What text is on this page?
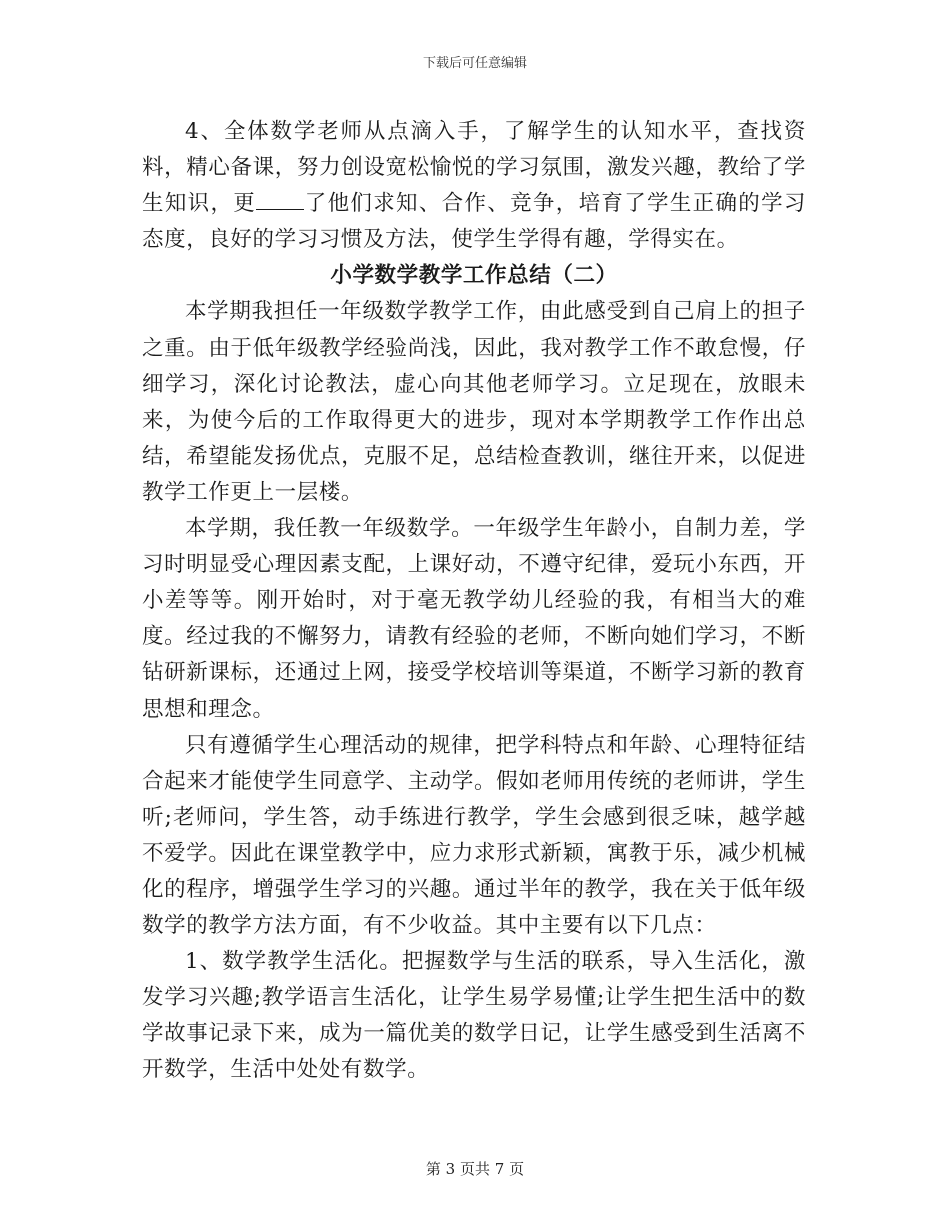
下载后可任意编辑

4、全体数学老师从点滴入手，了解学生的认知水平，查找资料，精心备课，努力创设宽松愉悦的学习氛围，激发兴趣，教给了学生知识，更 了他们求知、合作、竞争，培育了学生正确的学习态度，良好的学习习惯及方法，使学生学得有趣，学得实在。

小学数学教学工作总结（二）

本学期我担任一年级数学教学工作，由此感受到自己肩上的担子之重。由于低年级教学经验尚浅，因此，我对教学工作不敢怠慢，仔细学习，深化讨论教法，虚心向其他老师学习。立足现在，放眼未来，为使今后的工作取得更大的进步，现对本学期教学工作作出总结，希望能发扬优点，克服不足，总结检查教训，继往开来，以促进教学工作更上一层楼。

本学期，我任教一年级数学。一年级学生年龄小，自制力差，学习时明显受心理因素支配，上课好动，不遵守纪律，爱玩小东西，开小差等等。刚开始时，对于毫无教学幼儿经验的我，有相当大的难度。经过我的不懈努力，请教有经验的老师，不断向她们学习，不断钻研新课标，还通过上网，接受学校培训等渠道，不断学习新的教育思想和理念。

只有遵循学生心理活动的规律，把学科特点和年龄、心理特征结合起来才能使学生同意学、主动学。假如老师用传统的老师讲，学生听;老师问，学生答，动手练进行教学，学生会感到很乏味，越学越不爱学。因此在课堂教学中，应力求形式新颖，寓教于乐，减少机械化的程序，增强学生学习的兴趣。通过半年的教学，我在关于低年级数学的教学方法方面，有不少收益。其中主要有以下几点：

1、数学教学生活化。把握数学与生活的联系，导入生活化，激发学习兴趣;教学语言生活化，让学生易学易懂;让学生把生活中的数学故事记录下来，成为一篇优美的数学日记，让学生感受到生活离不开数学，生活中处处有数学。

第 3 页共 7 页
